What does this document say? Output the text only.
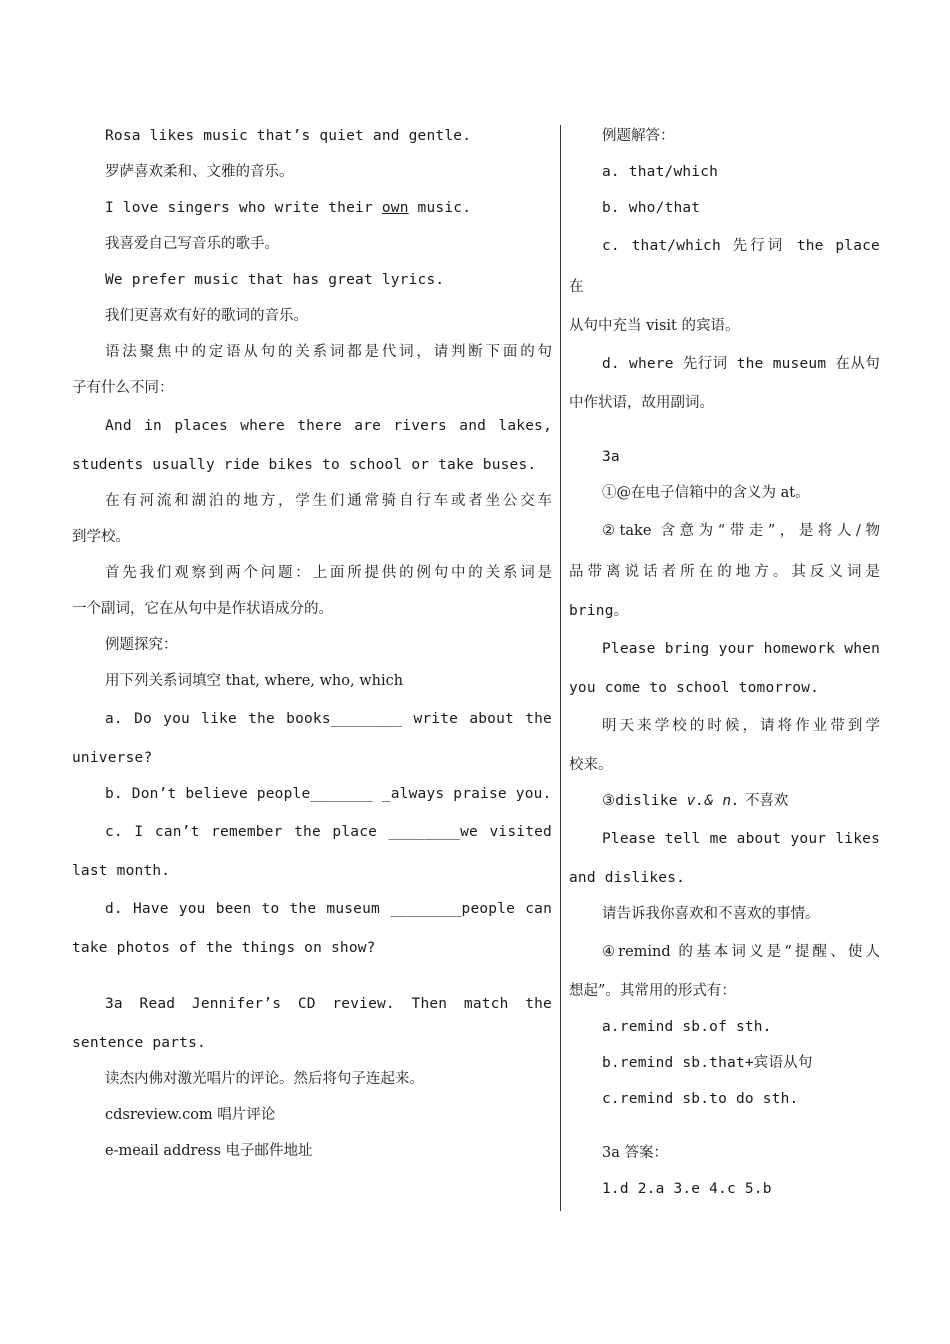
Rosa likes music that’s quiet and gentle.

罗萨喜欢柔和、文雅的音乐。

I love singers who write their own music.

我喜爱自己写音乐的歌手。

We prefer music that has great lyrics.

我们更喜欢有好的歌词的音乐。

语法聚焦中的定语从句的关系词都是代词，请判断下面的句

子有什么不同：

And in places where there are rivers and lakes,

students usually ride bikes to school or take buses.

在有河流和湖泊的地方，学生们通常骑自行车或者坐公交车

到学校。

首先我们观察到两个问题：上面所提供的例句中的关系词是

一个副词，它在从句中是作状语成分的。

例题探究：

用下列关系词填空 that, where, who, which

a. Do you like the books________ write about the

universe?

b. Don’t believe people_______ _always praise you.

c. I can’t remember the place ________we visited

last month.

d. Have you been to the museum ________people can

take photos of the things on show?

3a Read Jennifer’s CD review. Then match the

sentence parts.

读杰内佛对激光唱片的评论。然后将句子连起来。

cdsreview.com 唱片评论

e-meail address 电子邮件地址

例题解答：

a. that/which

b. who/that

c. that/which 先行词 the place 在

从句中充当 visit 的宾语。

d. where 先行词 the museum 在从句

中作状语，故用副词。

3a

①@在电子信箱中的含义为 at。

②take 含意为“带走”，是将人/物

品带离说话者所在的地方。其反义词是

bring。

Please bring your homework when

you come to school tomorrow.

明天来学校的时候，请将作业带到学

校来。

③dislike v.& n. 不喜欢

Please tell me about your likes

and dislikes.

请告诉我你喜欢和不喜欢的事情。

④remind 的基本词义是“提醒、使人

想起”。其常用的形式有：

a.remind sb.of sth.

b.remind sb.that+宾语从句

c.remind sb.to do sth.

3a 答案：

1.d 2.a 3.e 4.c 5.b
